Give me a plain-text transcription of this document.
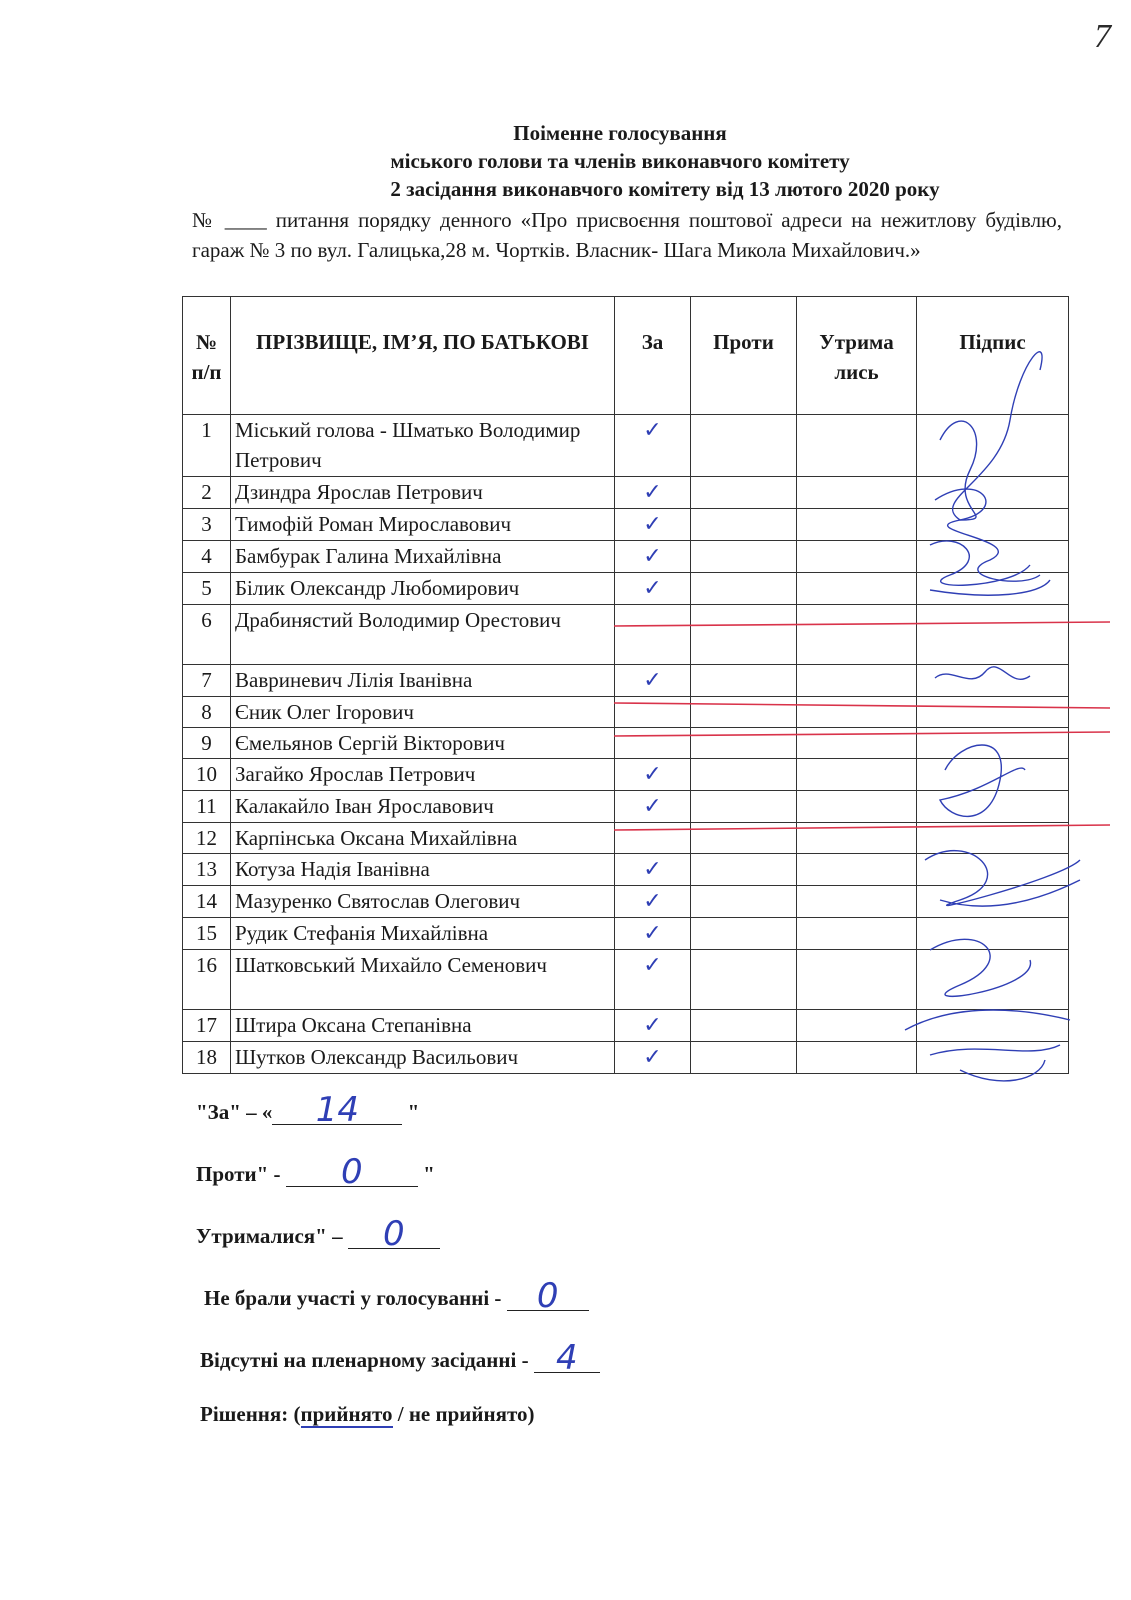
7
Поіменне голосування
міського голови та членів виконавчого комітету
2 засідання виконавчого комітету від 13 лютого 2020 року
№ ____ питання порядку денного «Про присвоєння поштової адреси на нежитлову будівлю, гараж № 3 по вул. Галицька,28 м. Чортків. Власник- Шага Микола Михайлович.»
№ п/п	ПРІЗВИЩЕ, ІМ’Я, ПО БАТЬКОВІ	За	Проти	Утрима лись	Підпис
1	Міський голова - Шматько Володимир Петрович	✓			
2	Дзиндра Ярослав Петрович	✓			
3	Тимофій Роман Мирославович	✓			
4	Бамбурак Галина Михайлівна	✓			
5	Білик Олександр Любомирович	✓			
6	Драбинястий Володимир Орестович				
7	Вавриневич Лілія Іванівна	✓			
8	Єник Олег Ігорович				
9	Ємельянов Сергій Вікторович				
10	Загайко Ярослав Петрович	✓			
11	Калакайло Іван Ярославович	✓			
12	Карпінська Оксана Михайлівна				
13	Котуза Надія Іванівна	✓			
14	Мазуренко Святослав Олегович	✓			
15	Рудик Стефанія Михайлівна	✓			
16	Шатковський Михайло Семенович	✓			
17	Штира Оксана Степанівна	✓			
18	Шутков Олександр Васильович	✓			
"За" – « 14 "
Проти" - 0	"
Утрималися" – 0
Не брали участі у голосуванні - 0
Відсутні на пленарному засіданні - 4
Рішення: (прийнято / не прийнято)
